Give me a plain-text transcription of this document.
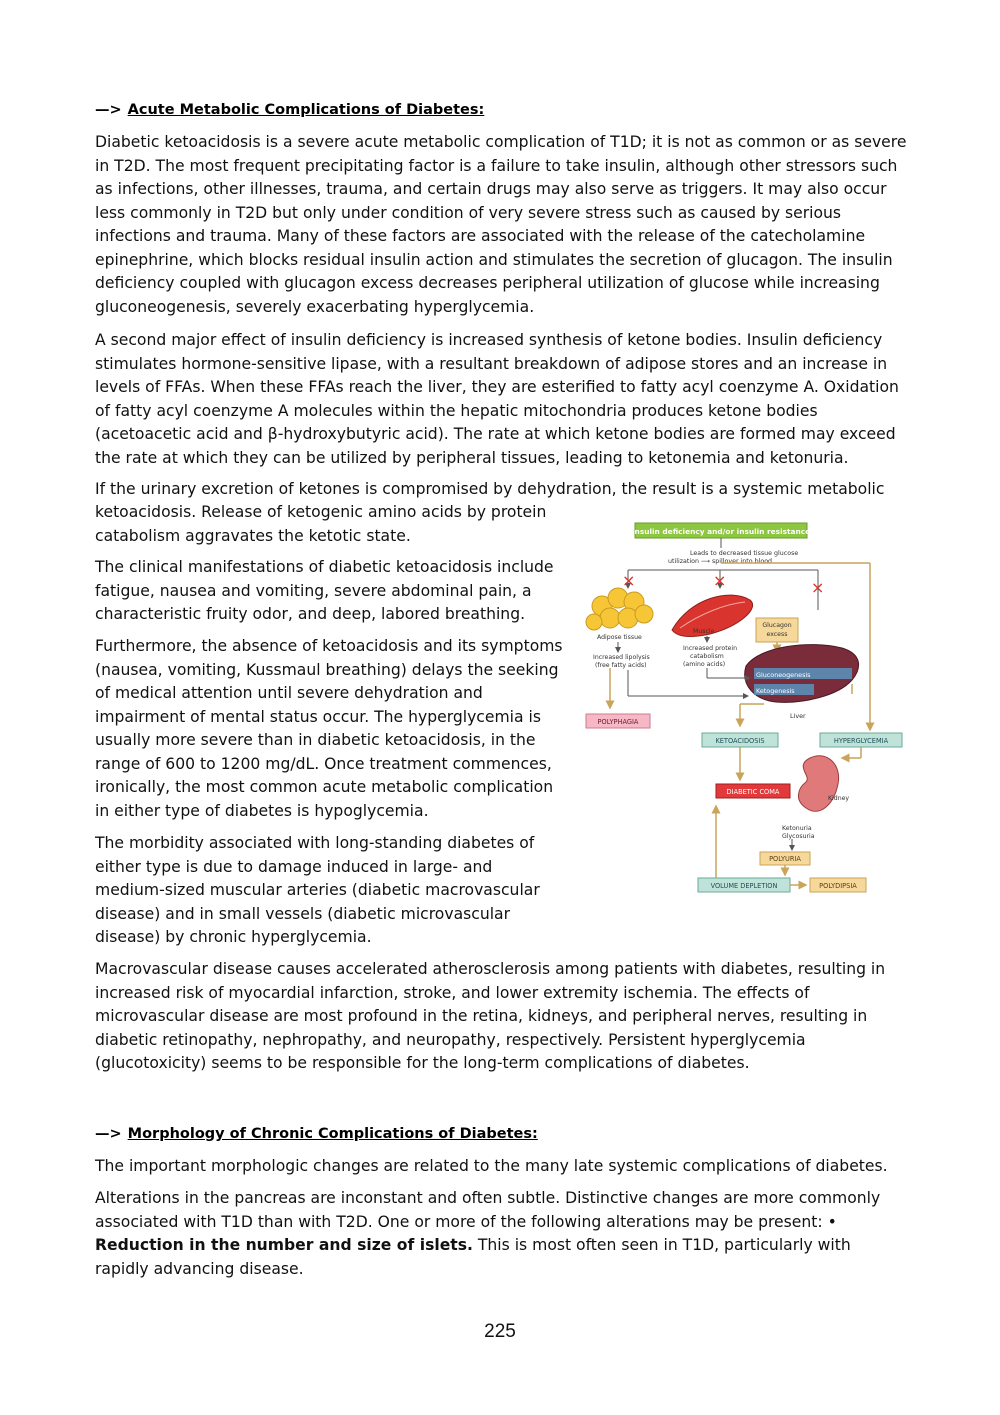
—> Acute Metabolic Complications of Diabetes:

Diabetic ketoacidosis is a severe acute metabolic complication of T1D; it is not as common or as severe in T2D. The most frequent precipitating factor is a failure to take insulin, although other stressors such as infections, other illnesses, trauma, and certain drugs may also serve as triggers. It may also occur less commonly in T2D but only under condition of very severe stress such as caused by serious infections and trauma. Many of these factors are associated with the release of the catecholamine epinephrine, which blocks residual insulin action and stimulates the secretion of glucagon. The insulin deficiency coupled with glucagon excess decreases peripheral utilization of glucose while increasing gluconeogenesis, severely exacerbating hyperglycemia.

A second major effect of insulin deficiency is increased synthesis of ketone bodies. Insulin deficiency stimulates hormone-sensitive lipase, with a resultant breakdown of adipose stores and an increase in levels of FFAs. When these FFAs reach the liver, they are esterified to fatty acyl coenzyme A. Oxidation of fatty acyl coenzyme A molecules within the hepatic mitochondria produces ketone bodies (acetoacetic acid and β-hydroxybutyric acid). The rate at which ketone bodies are formed may exceed the rate at which they can be utilized by peripheral tissues, leading to ketonemia and ketonuria.

If the urinary excretion of ketones is compromised by dehydration, the result is a systemic metabolic

ketoacidosis. Release of ketogenic amino acids by protein catabolism aggravates the ketotic state.

The clinical manifestations of diabetic ketoacidosis include fatigue, nausea and vomiting, severe abdominal pain, a characteristic fruity odor, and deep, labored breathing.

Furthermore, the absence of ketoacidosis and its symptoms (nausea, vomiting, Kussmaul breathing) delays the seeking of medical attention until severe dehydration and impairment of mental status occur. The hyperglycemia is usually more severe than in diabetic ketoacidosis, in the range of 600 to 1200 mg/dL. Once treatment commences, ironically, the most common acute metabolic complication in either type of diabetes is hypoglycemia.

The morbidity associated with long-standing diabetes of either type is due to damage induced in large- and medium-sized muscular arteries (diabetic macrovascular disease) and in small vessels (diabetic microvascular disease) by chronic hyperglycemia.

Macrovascular disease causes accelerated atherosclerosis among patients with diabetes, resulting in increased risk of myocardial infarction, stroke, and lower extremity ischemia. The effects of microvascular disease are most profound in the retina, kidneys, and peripheral nerves, resulting in diabetic retinopathy, nephropathy, and neuropathy, respectively. Persistent hyperglycemia (glucotoxicity) seems to be responsible for the long-term complications of diabetes.

—> Morphology of Chronic Complications of Diabetes:

The important morphologic changes are related to the many late systemic complications of diabetes.

Alterations in the pancreas are inconstant and often subtle. Distinctive changes are more commonly associated with T1D than with T2D. One or more of the following alterations may be present: • Reduction in the number and size of islets. This is most often seen in T1D, particularly with rapidly advancing disease.

Insulin deficiency and/or insulin resistance
Leads to decreased tissue glucose
utilization ⟶ spillover into blood
×	×	×
Adipose tissue
Increased lipolysis
(free fatty acids)
Muscle
Increased protein
catabolism
(amino acids)
Glucagon
excess
Gluconeogenesis
Ketogenesis
Liver
POLYPHAGIA
KETOACIDOSIS	HYPERGLYCEMIA
DIABETIC COMA
Kidney
Ketonuria
Glycosuria
POLYURIA
VOLUME DEPLETION	POLYDIPSIA
225
